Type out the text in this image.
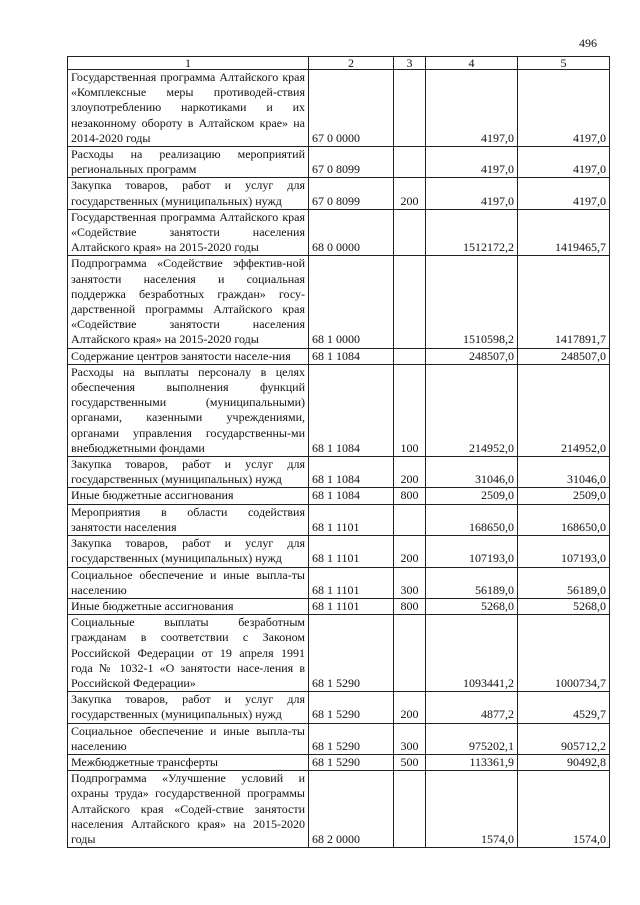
496
1	2	3	4	5
Государственная программа Алтайского края «Комплексные меры противодей-ствия злоупотреблению наркотиками и их незаконному обороту в Алтайском крае» на 2014-2020 годы	67 0 0000		4197,0	4197,0
Расходы на реализацию мероприятий региональных программ	67 0 8099		4197,0	4197,0
Закупка товаров, работ и услуг для государственных (муниципальных) нужд	67 0 8099	200	4197,0	4197,0
Государственная программа Алтайского края «Содействие занятости населения Алтайского края» на 2015-2020 годы	68 0 0000		1512172,2	1419465,7
Подпрограмма «Содействие эффектив-ной занятости населения и социальная поддержка безработных граждан» госу-дарственной программы Алтайского края «Содействие занятости населения Алтайского края» на 2015-2020 годы	68 1 0000		1510598,2	1417891,7
Содержание центров занятости населе-ния	68 1 1084		248507,0	248507,0
Расходы на выплаты персоналу в целях обеспечения выполнения функций государственными (муниципальными) органами, казенными учреждениями, органами управления государственны-ми внебюджетными фондами	68 1 1084	100	214952,0	214952,0
Закупка товаров, работ и услуг для государственных (муниципальных) нужд	68 1 1084	200	31046,0	31046,0
Иные бюджетные ассигнования	68 1 1084	800	2509,0	2509,0
Мероприятия в области содействия занятости населения	68 1 1101		168650,0	168650,0
Закупка товаров, работ и услуг для государственных (муниципальных) нужд	68 1 1101	200	107193,0	107193,0
Социальное обеспечение и иные выпла-ты населению	68 1 1101	300	56189,0	56189,0
Иные бюджетные ассигнования	68 1 1101	800	5268,0	5268,0
Социальные выплаты безработным гражданам в соответствии с Законом Российской Федерации от 19 апреля 1991 года № 1032-1 «О занятости насе-ления в Российской Федерации»	68 1 5290		1093441,2	1000734,7
Закупка товаров, работ и услуг для государственных (муниципальных) нужд	68 1 5290	200	4877,2	4529,7
Социальное обеспечение и иные выпла-ты населению	68 1 5290	300	975202,1	905712,2
Межбюджетные трансферты	68 1 5290	500	113361,9	90492,8
Подпрограмма «Улучшение условий и охраны труда» государственной программы Алтайского края «Содей-ствие занятости населения Алтайского края» на 2015-2020 годы	68 2 0000		1574,0	1574,0
